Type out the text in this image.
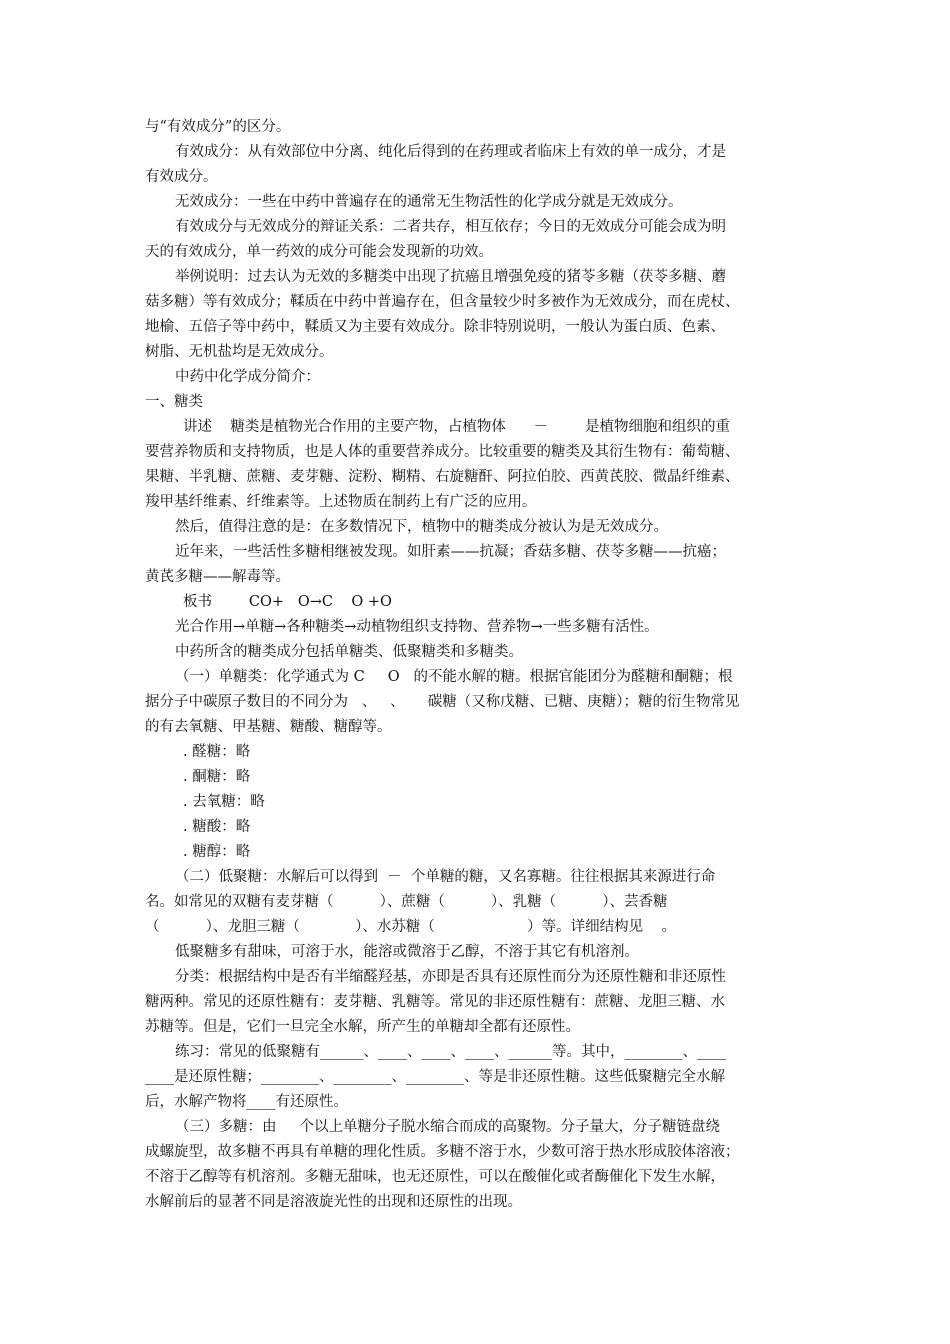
与“有效成分”的区分。
有效成分：从有效部位中分离、纯化后得到的在药理或者临床上有效的单一成分，才是
有效成分。
无效成分：一些在中药中普遍存在的通常无生物活性的化学成分就是无效成分。
有效成分与无效成分的辩证关系：二者共存，相互依存；今日的无效成分可能会成为明
天的有效成分，单一药效的成分可能会发现新的功效。
举例说明：过去认为无效的多糖类中出现了抗癌且增强免疫的猪苓多糖（茯苓多糖、蘑
菇多糖）等有效成分；鞣质在中药中普遍存在，但含量较少时多被作为无效成分，而在虎杖、
地榆、五倍子等中药中，鞣质又为主要有效成分。除非特别说明，一般认为蛋白质、色素、
树脂、无机盐均是无效成分。
中药中化学成分简介：
一、糖类
讲述    糖类是植物光合作用的主要产物，占植物体      －        是植物细胞和组织的重
要营养物质和支持物质，也是人体的重要营养成分。比较重要的糖类及其衍生物有：葡萄糖、
果糖、半乳糖、蔗糖、麦芽糖、淀粉、糊精、右旋糖酐、阿拉伯胶、西黄芪胶、微晶纤维素、
羧甲基纤维素、纤维素等。上述物质在制药上有广泛的应用。
然后，值得注意的是：在多数情况下，植物中的糖类成分被认为是无效成分。
近年来，一些活性多糖相继被发现。如肝素——抗凝；香菇多糖、茯苓多糖——抗癌；
黄芪多糖——解毒等。
板书        CO+   O→C    O +O
光合作用→单糖→各种糖类→动植物组织支持物、营养物→一些多糖有活性。
中药所含的糖类成分包括单糖类、低聚糖类和多糖类。
（一）单糖类：化学通式为 C     O   的不能水解的糖。根据官能团分为醛糖和酮糖；根
据分子中碳原子数目的不同分为   、   、     碳糖（又称戊糖、已糖、庚糖）；糖的衍生物常见
的有去氧糖、甲基糖、糖酸、糖醇等。
. 醛糖：略
. 酮糖：略
. 去氧糖：略
. 糖酸：略
. 糖醇：略
（二）低聚糖：水解后可以得到  －  个单糖的糖，又名寡糖。往往根据其来源进行命
名。如常见的双糖有麦芽糖（          ）、蔗糖（          ）、乳糖（          ）、芸香糖
（          ）、龙胆三糖（            ）、水苏糖（                    ）等。详细结构见    。
低聚糖多有甜味，可溶于水，能溶或微溶于乙醇，不溶于其它有机溶剂。
分类：根据结构中是否有半缩醛羟基，亦即是否具有还原性而分为还原性糖和非还原性
糖两种。常见的还原性糖有：麦芽糖、乳糖等。常见的非还原性糖有：蔗糖、龙胆三糖、水
苏糖等。但是，它们一旦完全水解，所产生的单糖却全都有还原性。
练习：常见的低聚糖有______、____、____、____、______等。其中，________、____
____是还原性糖；________、________、________、等是非还原性糖。这些低聚糖完全水解
后，水解产物将____有还原性。
（三）多糖：由     个以上单糖分子脱水缩合而成的高聚物。分子量大，分子糖链盘绕
成螺旋型，故多糖不再具有单糖的理化性质。多糖不溶于水，少数可溶于热水形成胶体溶液；
不溶于乙醇等有机溶剂。多糖无甜味，也无还原性，可以在酸催化或者酶催化下发生水解，
水解前后的显著不同是溶液旋光性的出现和还原性的出现。
